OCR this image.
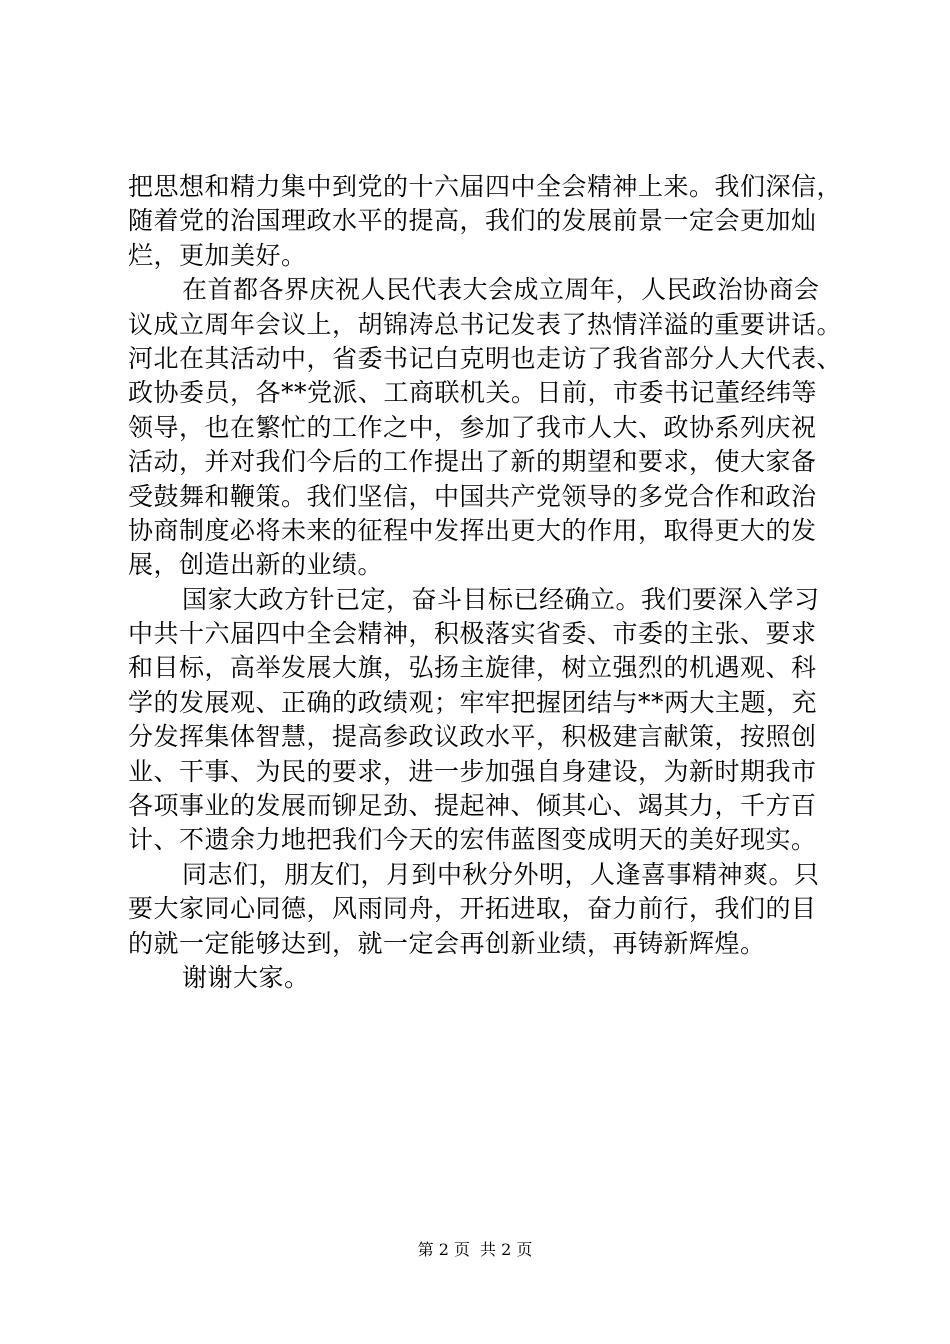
把思想和精力集中到党的十六届四中全会精神上来。我们深信，
随着党的治国理政水平的提高，我们的发展前景一定会更加灿
烂，更加美好。
在首都各界庆祝人民代表大会成立周年，人民政治协商会
议成立周年会议上，胡锦涛总书记发表了热情洋溢的重要讲话。
河北在其活动中，省委书记白克明也走访了我省部分人大代表、
政协委员，各**党派、工商联机关。日前，市委书记董经纬等
领导，也在繁忙的工作之中，参加了我市人大、政协系列庆祝
活动，并对我们今后的工作提出了新的期望和要求，使大家备
受鼓舞和鞭策。我们坚信，中国共产党领导的多党合作和政治
协商制度必将未来的征程中发挥出更大的作用，取得更大的发
展，创造出新的业绩。
国家大政方针已定，奋斗目标已经确立。我们要深入学习
中共十六届四中全会精神，积极落实省委、市委的主张、要求
和目标，高举发展大旗，弘扬主旋律，树立强烈的机遇观、科
学的发展观、正确的政绩观；牢牢把握团结与**两大主题，充
分发挥集体智慧，提高参政议政水平，积极建言献策，按照创
业、干事、为民的要求，进一步加强自身建设，为新时期我市
各项事业的发展而铆足劲、提起神、倾其心、竭其力，千方百
计、不遗余力地把我们今天的宏伟蓝图变成明天的美好现实。
同志们，朋友们，月到中秋分外明，人逢喜事精神爽。只
要大家同心同德，风雨同舟，开拓进取，奋力前行，我们的目
的就一定能够达到，就一定会再创新业绩，再铸新辉煌。
谢谢大家。
第 2 页 共 2 页
